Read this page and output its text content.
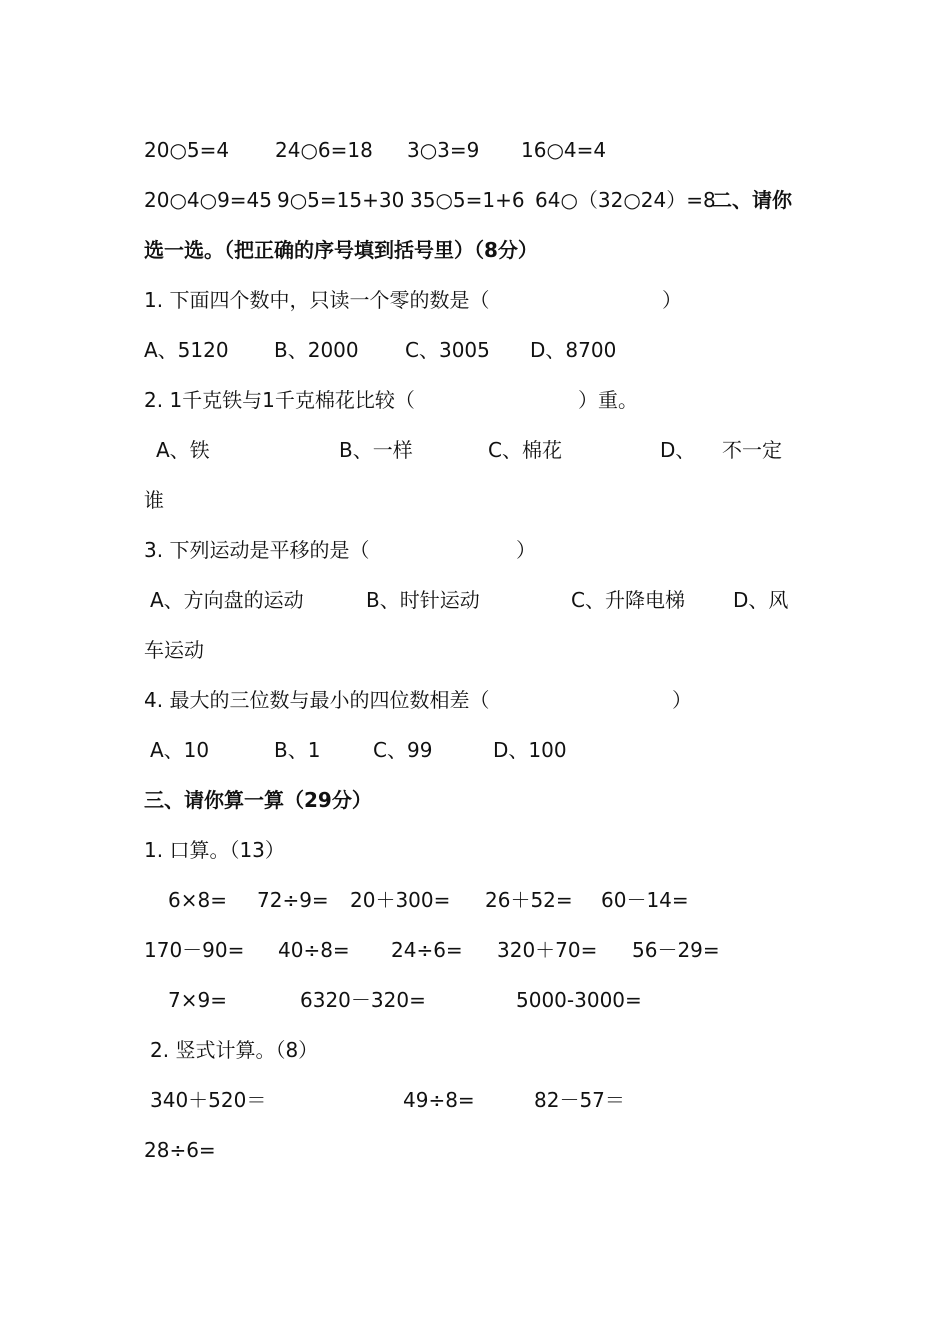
20○5=4 24○6=18 3○3=9 16○4=4
20○4○9=45 9○5=15+30 35○5=1+6 64○（32○24）=8
二、请你
选一选。（把正确的序号填到括号里）（8分）
1. 下面四个数中，只读一个零的数是（	）
A、5120 B、2000 C、3005 D、8700
2. 1千克铁与1千克棉花比较（	）重。
A、铁	B、一样	C、棉花	D、 不一定
谁
3. 下列运动是平移的是（	）
A、方向盘的运动	B、时针运动	C、升降电梯 D、风
车运动
4. 最大的三位数与最小的四位数相差（	）
A、10	B、1	C、99	D、100
三、请你算一算（29分）
1. 口算。（13）
6×8= 72÷9= 20＋300= 26＋52= 60－14=
170－90= 40÷8= 24÷6= 320＋70= 56－29=
7×9=	6320－320=	5000-3000=
2. 竖式计算。（8）
340＋520＝	49÷8=	82－57＝
28÷6=
